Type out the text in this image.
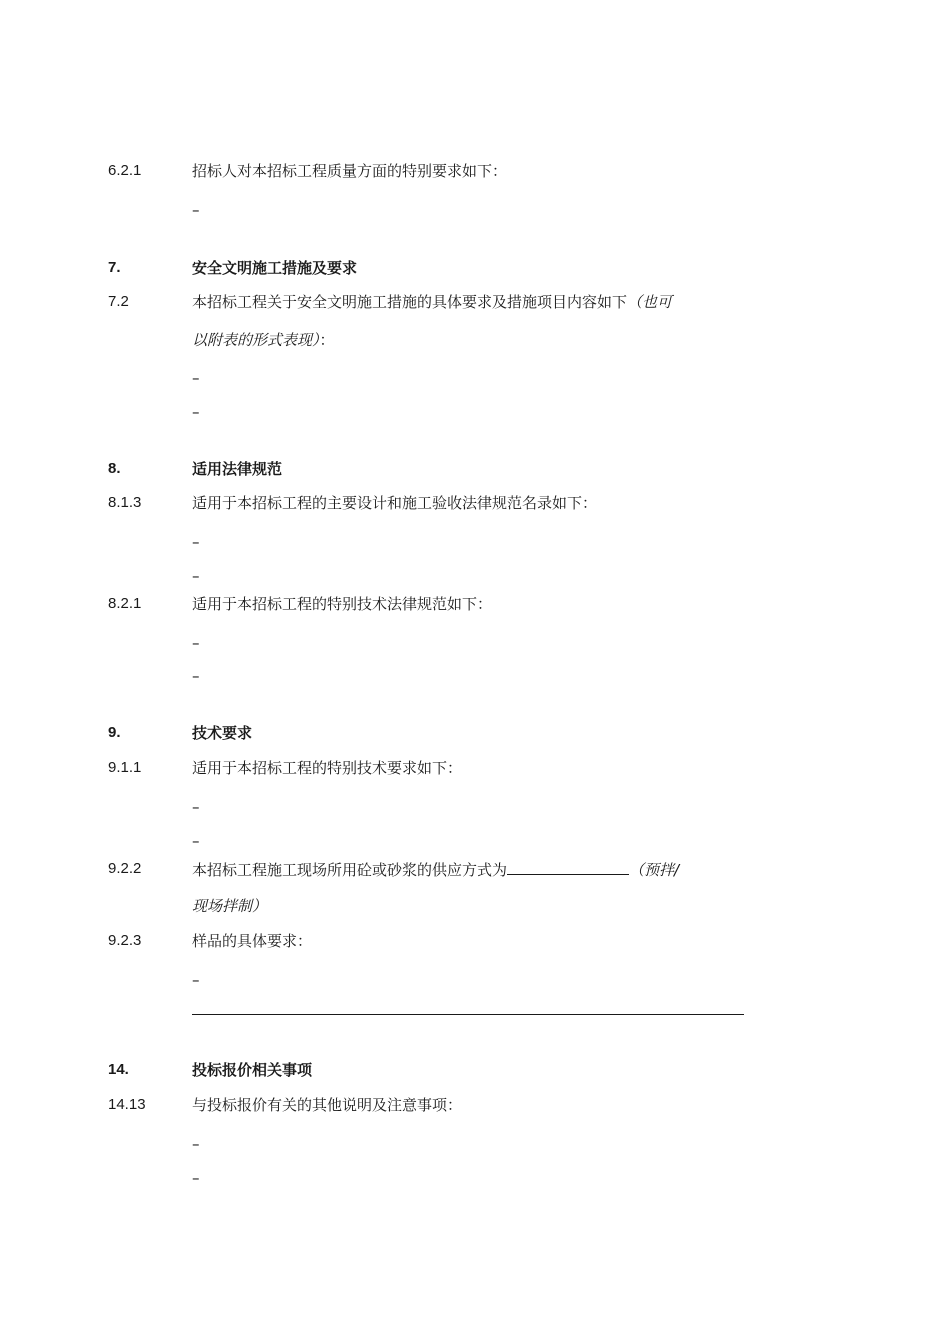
6.2.1	招标人对本招标工程质量方面的特别要求如下：
–
7.	安全文明施工措施及要求
7.2	本招标工程关于安全文明施工措施的具体要求及措施项目内容如下（也可
以附表的形式表现）：
–
–
8.	适用法律规范
8.1.3	适用于本招标工程的主要设计和施工验收法律规范名录如下：
–
–
8.2.1	适用于本招标工程的特别技术法律规范如下：
–
–
9.	技术要求
9.1.1	适用于本招标工程的特别技术要求如下：
–
–
9.2.2	本招标工程施工现场所用砼或砂浆的供应方式为	（预拌/
现场拌制）
9.2.3	样品的具体要求：
–
14.	投标报价相关事项
14.13	与投标报价有关的其他说明及注意事项：
–
–
